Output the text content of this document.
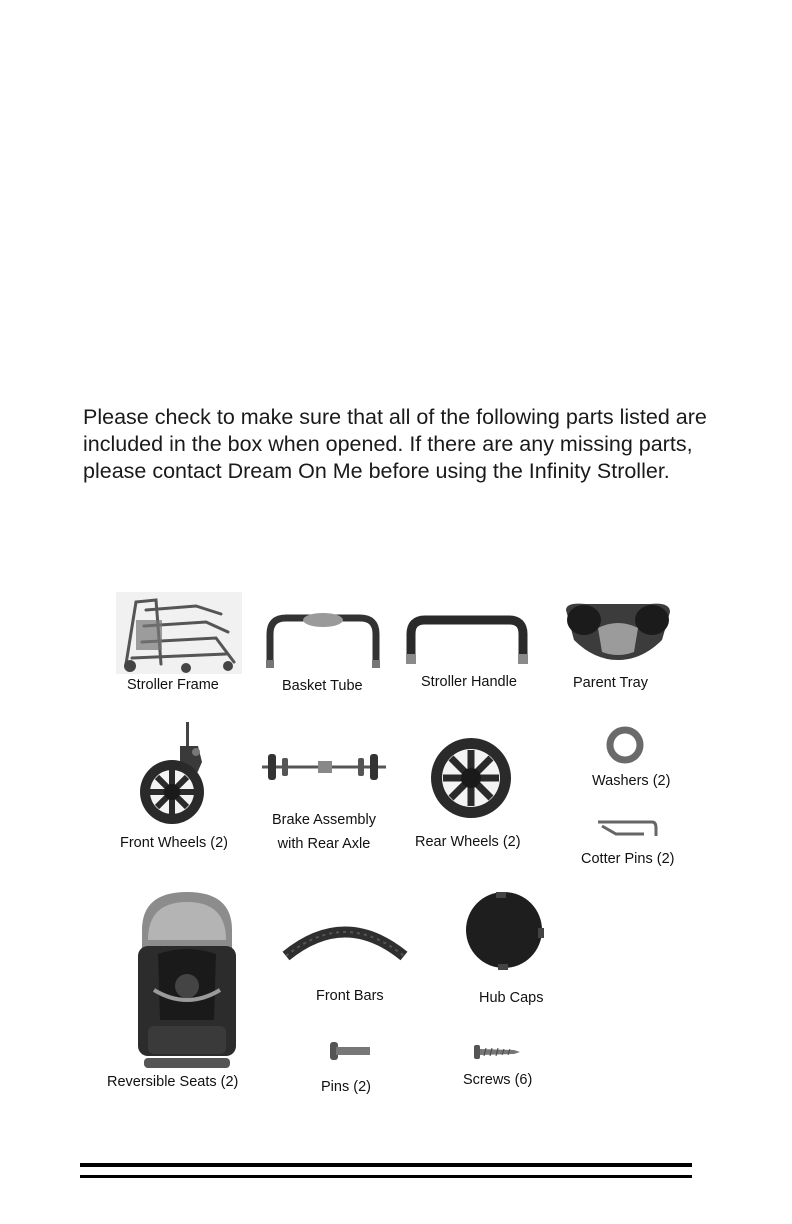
Please check to make sure that all of the following parts listed are

included in the box when opened. If there are any missing parts,

please contact Dream On Me before using the Infinity Stroller.

Stroller Frame	Basket Tube	Stroller Handle	Parent Tray
Front Wheels (2)
Brake Assembly
with Rear Axle	Rear Wheels (2)
Washers (2)
Cotter Pins (2)
Reversible Seats (2)
Front Bars	Hub Caps
Pins (2)	Screws (6)
